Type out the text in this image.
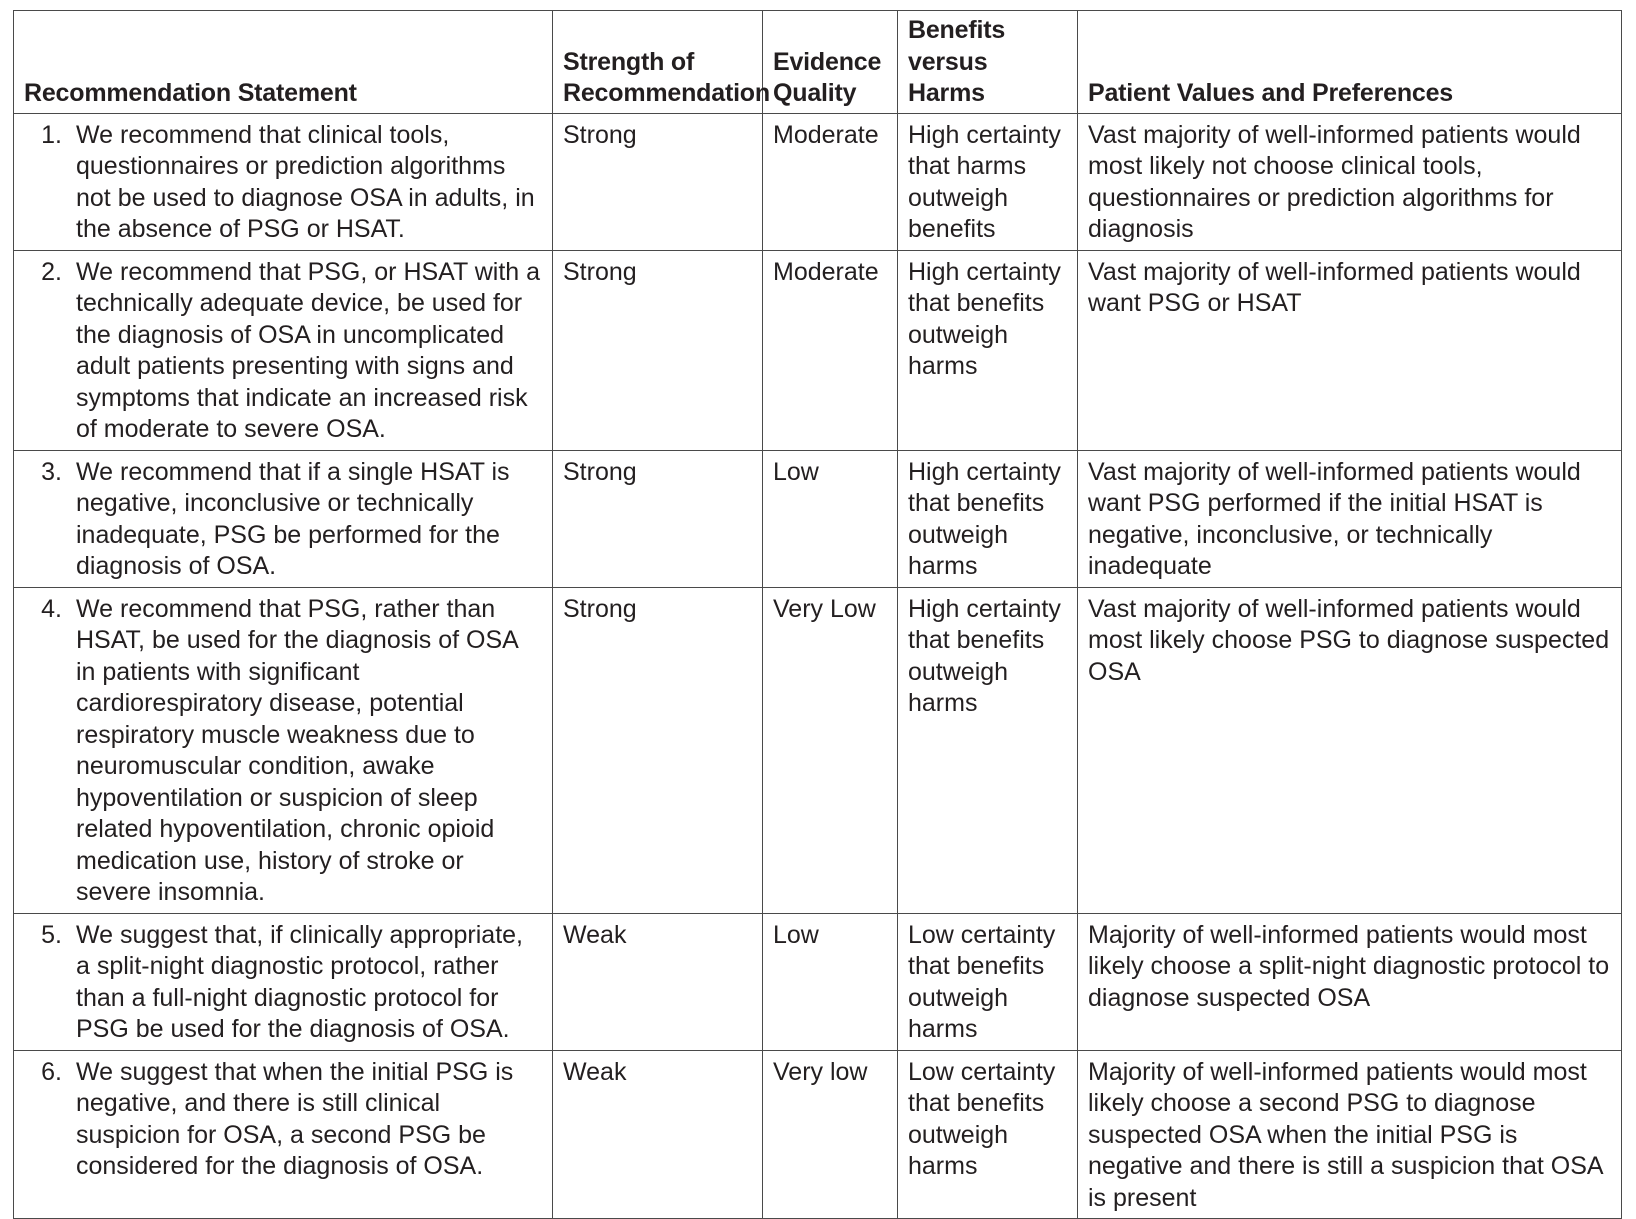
Recommendation Statement	Strength of Recommendation	Evidence Quality	Benefits versus Harms	Patient Values and Preferences

1. We recommend that clinical tools, questionnaires or prediction algorithms not be used to diagnose OSA in adults, in the absence of PSG or HSAT.	Strong	Moderate	High certainty that harms outweigh benefits	Vast majority of well-informed patients would most likely not choose clinical tools, questionnaires or prediction algorithms for diagnosis

2. We recommend that PSG, or HSAT with a technically adequate device, be used for the diagnosis of OSA in uncomplicated adult patients presenting with signs and symptoms that indicate an increased risk of moderate to severe OSA.	Strong	Moderate	High certainty that benefits outweigh harms	Vast majority of well-informed patients would want PSG or HSAT

3. We recommend that if a single HSAT is negative, inconclusive or technically inadequate, PSG be performed for the diagnosis of OSA.	Strong	Low	High certainty that benefits outweigh harms	Vast majority of well-informed patients would want PSG performed if the initial HSAT is negative, inconclusive, or technically inadequate

4. We recommend that PSG, rather than HSAT, be used for the diagnosis of OSA in patients with significant cardiorespiratory disease, potential respiratory muscle weakness due to neuromuscular condition, awake hypoventilation or suspicion of sleep related hypoventilation, chronic opioid medication use, history of stroke or severe insomnia.	Strong	Very Low	High certainty that benefits outweigh harms	Vast majority of well-informed patients would most likely choose PSG to diagnose suspected OSA

5. We suggest that, if clinically appropriate, a split-night diagnostic protocol, rather than a full-night diagnostic protocol for PSG be used for the diagnosis of OSA.	Weak	Low	Low certainty that benefits outweigh harms	Majority of well-informed patients would most likely choose a split-night diagnostic protocol to diagnose suspected OSA

6. We suggest that when the initial PSG is negative, and there is still clinical suspicion for OSA, a second PSG be considered for the diagnosis of OSA.	Weak	Very low	Low certainty that benefits outweigh harms	Majority of well-informed patients would most likely choose a second PSG to diagnose suspected OSA when the initial PSG is negative and there is still a suspicion that OSA is present
